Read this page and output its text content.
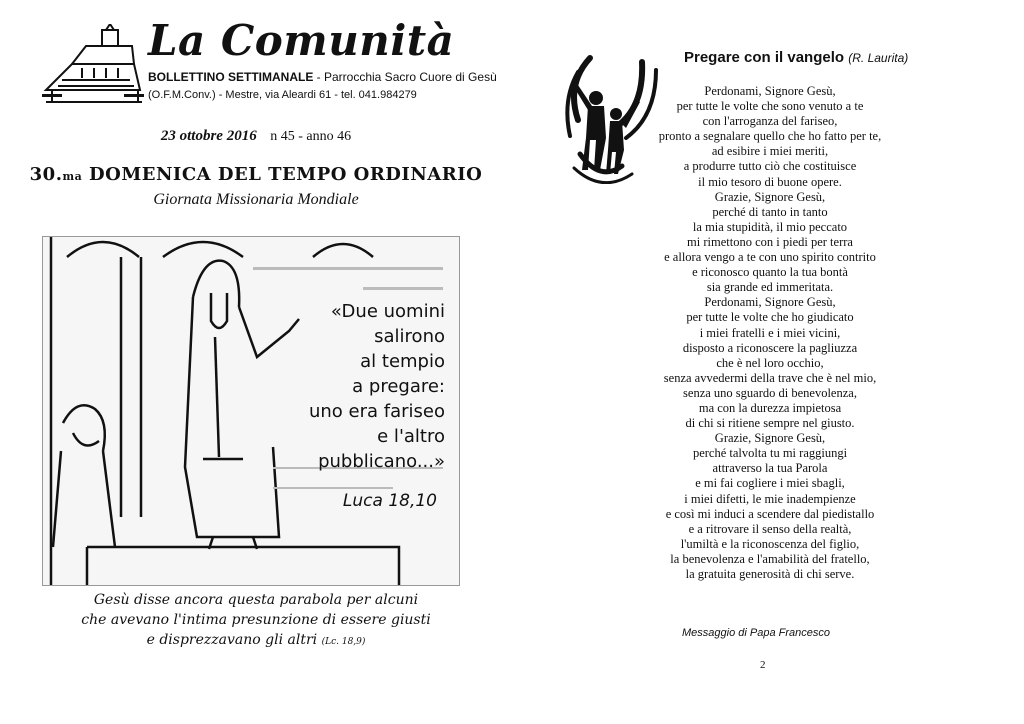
La Comunità
BOLLETTINO SETTIMANALE - Parrocchia Sacro Cuore di Gesù
(O.F.M.Conv.) - Mestre, via Aleardi 61 - tel. 041.984279
23 ottobre 2016 n 45 - anno 46
30.ma DOMENICA DEL TEMPO ORDINARIO
Giornata Missionaria Mondiale
«Due uomini
salirono
al tempio
a pregare:
uno era fariseo
e l'altro
pubblicano...»
Luca 18,10
Gesù disse ancora questa parabola per alcuni
che avevano l'intima presunzione di essere giusti
e disprezzavano gli altri (Lc. 18,9)
Pregare con il vangelo (R. Laurita)
Perdonami, Signore Gesù,
per tutte le volte che sono venuto a te
con l'arroganza del fariseo,
pronto a segnalare quello che ho fatto per te,
ad esibire i miei meriti,
a produrre tutto ciò che costituisce
il mio tesoro di buone opere.
Grazie, Signore Gesù,
perché di tanto in tanto
la mia stupidità, il mio peccato
mi rimettono con i piedi per terra
e allora vengo a te con uno spirito contrito
e riconosco quanto la tua bontà
sia grande ed immeritata.
Perdonami, Signore Gesù,
per tutte le volte che ho giudicato
i miei fratelli e i miei vicini,
disposto a riconoscere la pagliuzza
che è nel loro occhio,
senza avvedermi della trave che è nel mio,
senza uno sguardo di benevolenza,
ma con la durezza impietosa
di chi si ritiene sempre nel giusto.
Grazie, Signore Gesù,
perché talvolta tu mi raggiungi
attraverso la tua Parola
e mi fai cogliere i miei sbagli,
i miei difetti, le mie inadempienze
e così mi induci a scendere dal piedistallo
e a ritrovare il senso della realtà,
l'umiltà e la riconoscenza del figlio,
la benevolenza e l'amabilità del fratello,
la gratuita generosità di chi serve.
Messaggio di Papa Francesco
2
